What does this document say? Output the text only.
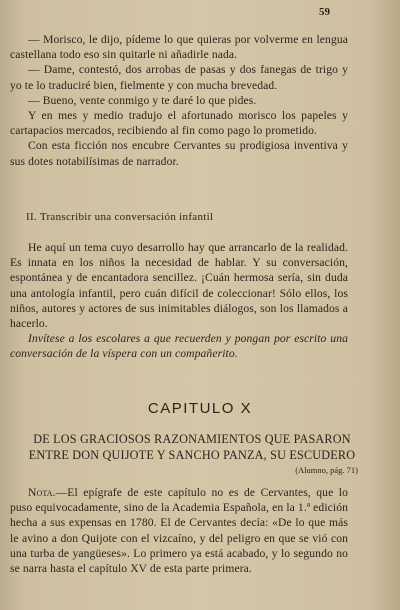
59

— Morisco, le dijo, pídeme lo que quieras por volverme en lengua castellana todo eso sin quitarle ni añadirle nada.

— Dame, contestó, dos arrobas de pasas y dos fanegas de trigo y yo te lo traduciré bien, fielmente y con mucha brevedad.

— Bueno, vente conmigo y te daré lo que pides.

Y en mes y medio tradujo el afortunado morisco los papeles y cartapacios mercados, recibiendo al fin como pago lo prometido.

Con esta ficción nos encubre Cervantes su prodigiosa inventiva y sus dotes notabilísimas de narrador.

II. Transcribir una conversación infantil

He aquí un tema cuyo desarrollo hay que arrancarlo de la realidad. Es innata en los niños la necesidad de hablar. Y su conversación, espontánea y de encantadora sencillez. ¡Cuán hermosa sería, sin duda una antología infantil, pero cuán difícil de coleccionar! Sólo ellos, los niños, autores y actores de sus inimitables diálogos, son los llamados a hacerlo.

Invítese a los escolares a que recuerden y pongan por escrito una conversación de la víspera con un compañerito.

CAPITULO X
DE LOS GRACIOSOS RAZONAMIENTOS QUE PASARON ENTRE DON QUIJOTE Y SANCHO PANZA, SU ESCUDERO
(Alumno, pág. 71)

Nota.—El epígrafe de este capítulo no es de Cervantes, que lo puso equivocadamente, sino de la Academia Española, en la 1.ª edición hecha a sus expensas en 1780. El de Cervantes decía: «De lo que más le avino a don Quijote con el vizcaíno, y del peligro en que se vió con una turba de yangüeses». Lo primero ya está acabado, y lo segundo no se narra hasta el capítulo XV de esta parte primera.
